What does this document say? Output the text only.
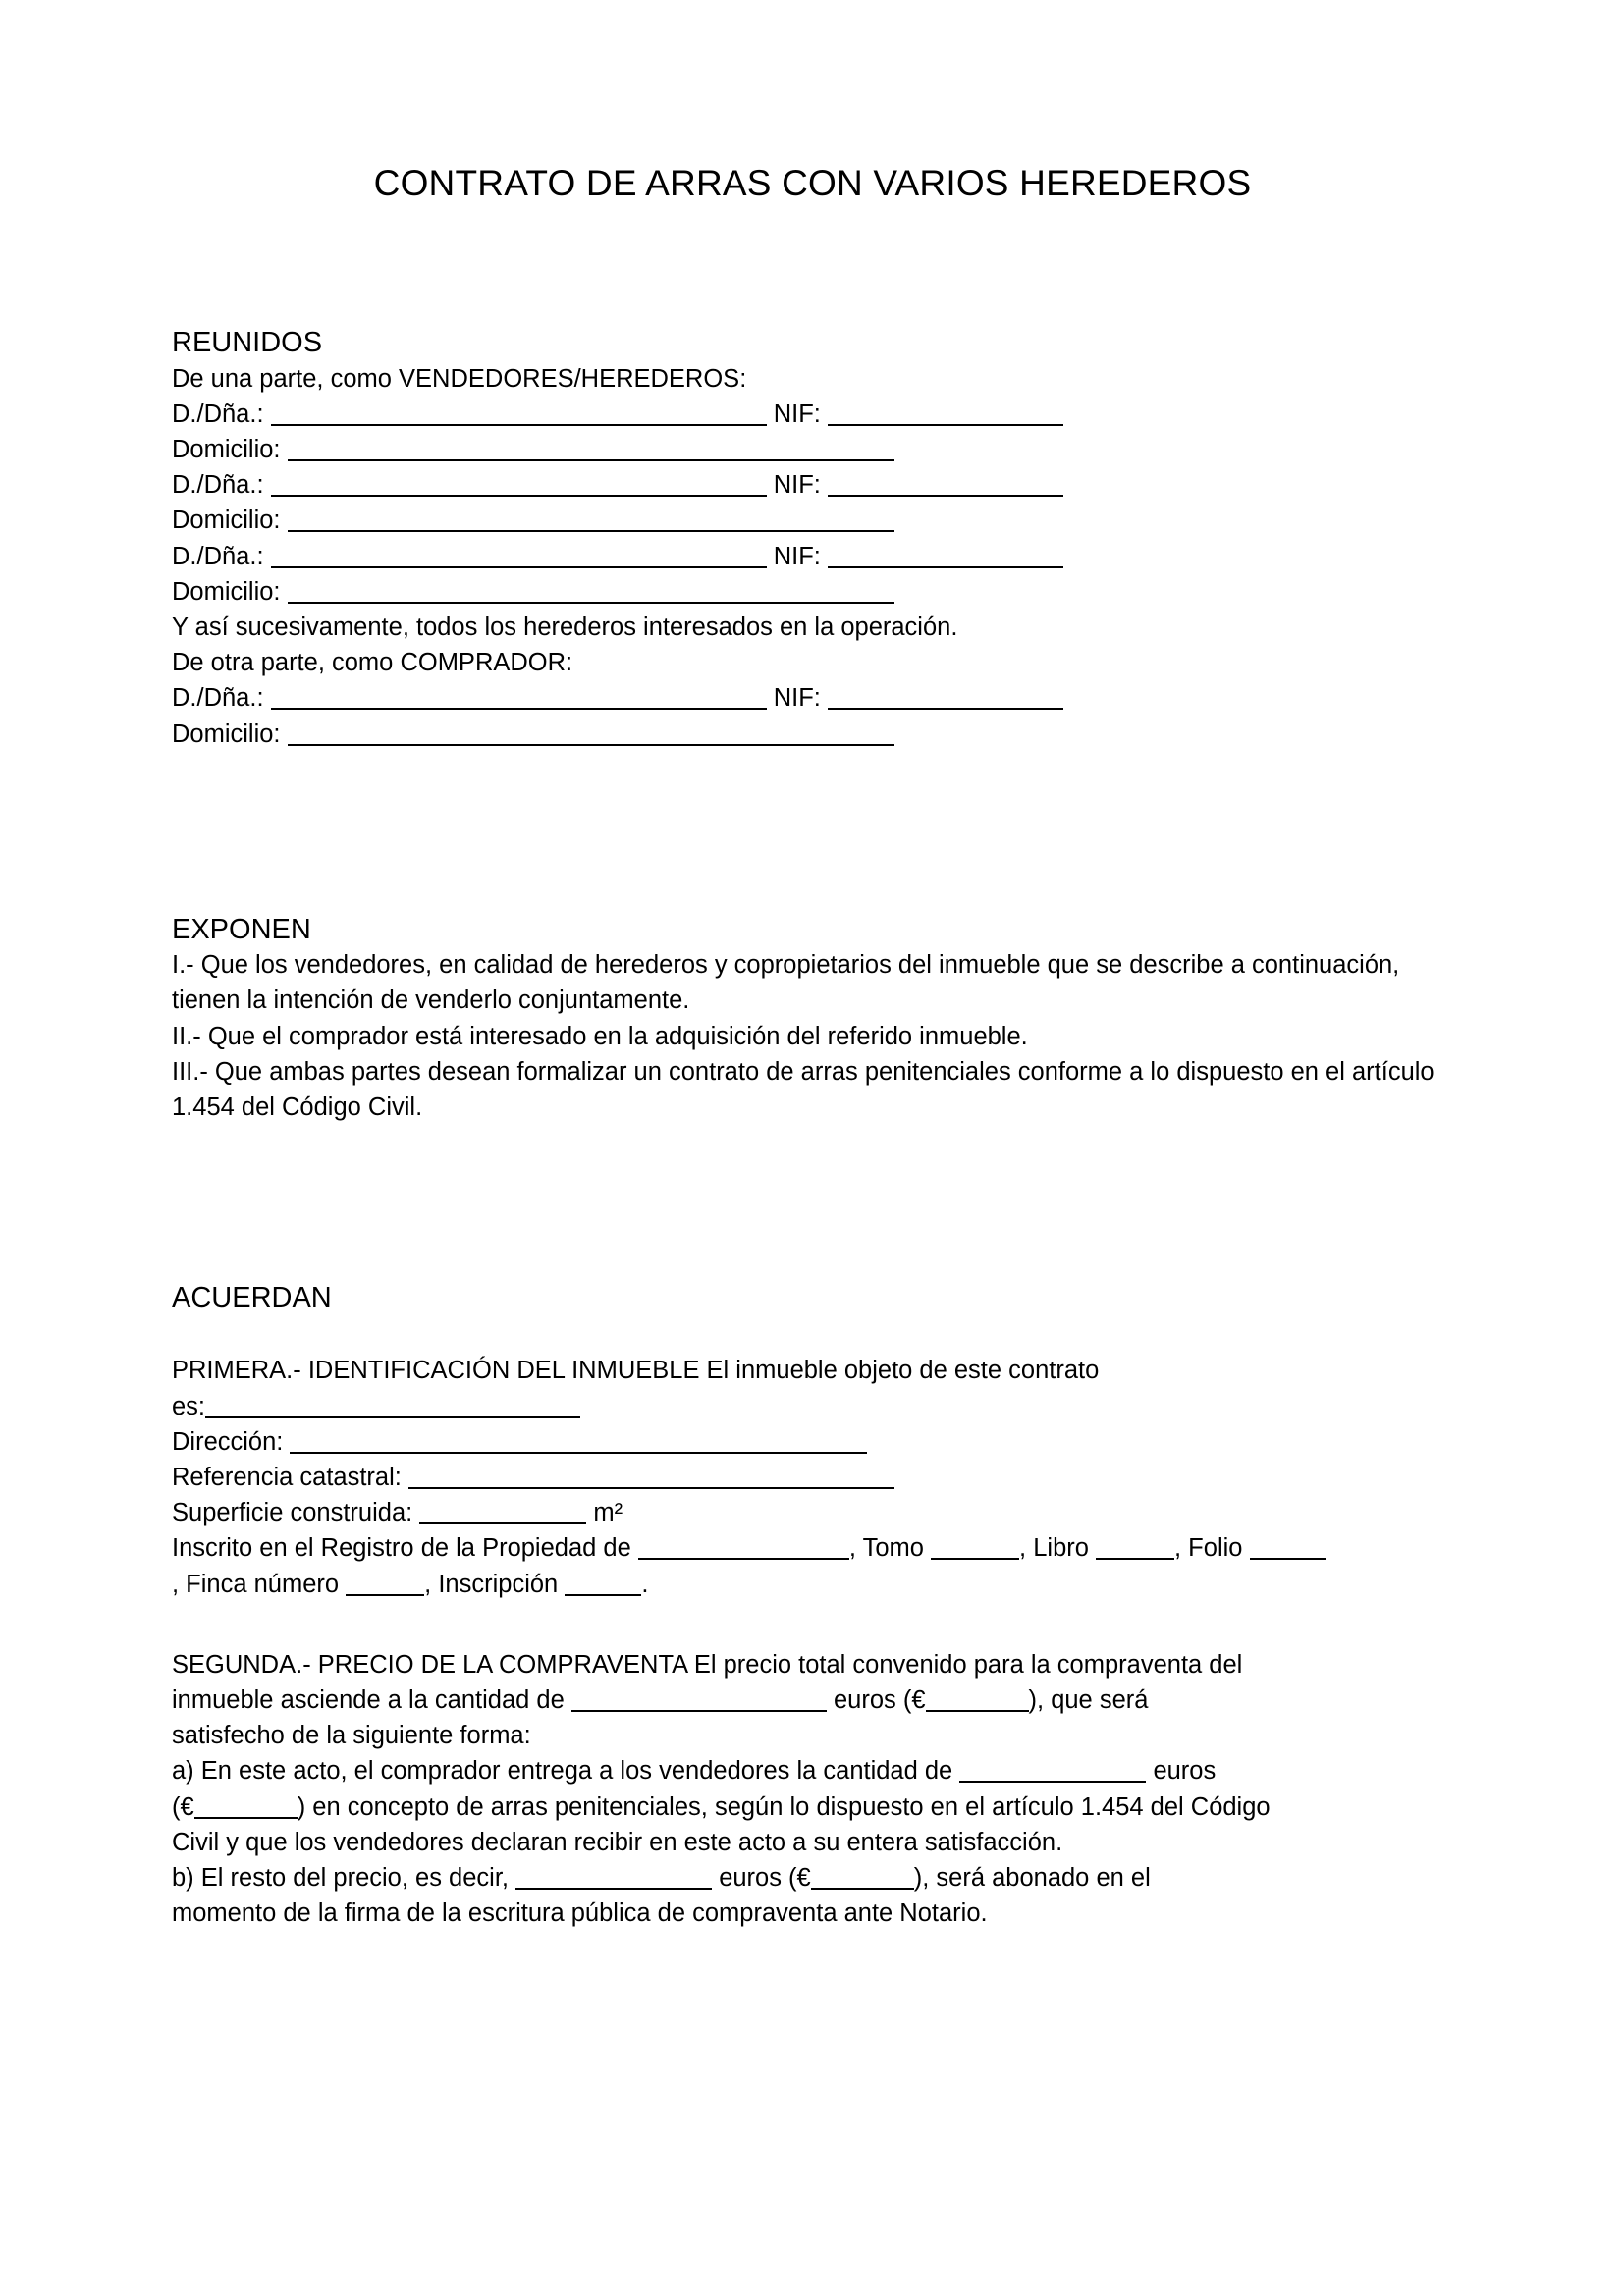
CONTRATO DE ARRAS CON VARIOS HEREDEROS
REUNIDOS

De una parte, como VENDEDORES/HEREDEROS:

D./Dña.:	NIF:

Domicilio:

D./Dña.:	NIF:

Domicilio:

D./Dña.:	NIF:

Domicilio:

Y así sucesivamente, todos los herederos interesados en la operación.

De otra parte, como COMPRADOR:

D./Dña.:	NIF:

Domicilio:

EXPONEN

I.- Que los vendedores, en calidad de herederos y copropietarios del inmueble que se describe a continuación, tienen la intención de venderlo conjuntamente.

II.- Que el comprador está interesado en la adquisición del referido inmueble.

III.- Que ambas partes desean formalizar un contrato de arras penitenciales conforme a lo dispuesto en el artículo 1.454 del Código Civil.

ACUERDAN

PRIMERA.- IDENTIFICACIÓN DEL INMUEBLE El inmueble objeto de este contrato

es:

Dirección:

Referencia catastral:

Superficie construida:	m²

Inscrito en el Registro de la Propiedad de	, Tomo	, Libro	, Folio , Finca número	, Inscripción	.

SEGUNDA.- PRECIO DE LA COMPRAVENTA El precio total convenido para la compraventa del

inmueble asciende a la cantidad de	euros (€	), que será

satisfecho de la siguiente forma:

a) En este acto, el comprador entrega a los vendedores la cantidad de	euros

(€	) en concepto de arras penitenciales, según lo dispuesto en el artículo 1.454 del Código

Civil y que los vendedores declaran recibir en este acto a su entera satisfacción.

b) El resto del precio, es decir,	euros (€	), será abonado en el

momento de la firma de la escritura pública de compraventa ante Notario.
